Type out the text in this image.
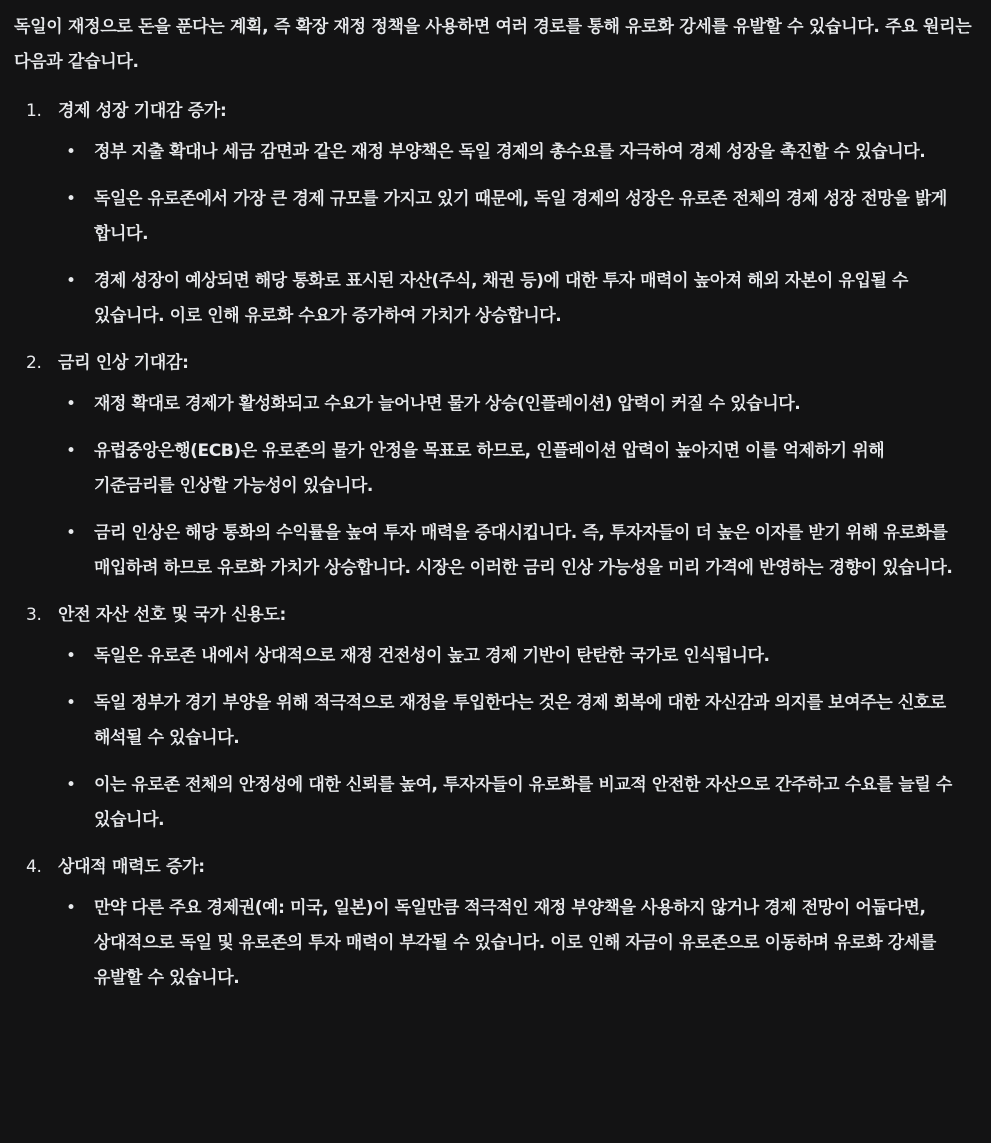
독일이 재정으로 돈을 푼다는 계획, 즉 확장 재정 정책을 사용하면 여러 경로를 통해 유로화 강세를 유발할 수 있습니다. 주요 원리는 다음과 같습니다.

1. 경제 성장 기대감 증가:
• 정부 지출 확대나 세금 감면과 같은 재정 부양책은 독일 경제의 총수요를 자극하여 경제 성장을 촉진할 수 있습니다.
• 독일은 유로존에서 가장 큰 경제 규모를 가지고 있기 때문에, 독일 경제의 성장은 유로존 전체의 경제 성장 전망을 밝게 합니다.
• 경제 성장이 예상되면 해당 통화로 표시된 자산(주식, 채권 등)에 대한 투자 매력이 높아져 해외 자본이 유입될 수 있습니다. 이로 인해 유로화 수요가 증가하여 가치가 상승합니다.
2. 금리 인상 기대감:
• 재정 확대로 경제가 활성화되고 수요가 늘어나면 물가 상승(인플레이션) 압력이 커질 수 있습니다.
• 유럽중앙은행(ECB)은 유로존의 물가 안정을 목표로 하므로, 인플레이션 압력이 높아지면 이를 억제하기 위해 기준금리를 인상할 가능성이 있습니다.
• 금리 인상은 해당 통화의 수익률을 높여 투자 매력을 증대시킵니다. 즉, 투자자들이 더 높은 이자를 받기 위해 유로화를 매입하려 하므로 유로화 가치가 상승합니다. 시장은 이러한 금리 인상 가능성을 미리 가격에 반영하는 경향이 있습니다.
3. 안전 자산 선호 및 국가 신용도:
• 독일은 유로존 내에서 상대적으로 재정 건전성이 높고 경제 기반이 탄탄한 국가로 인식됩니다.
• 독일 정부가 경기 부양을 위해 적극적으로 재정을 투입한다는 것은 경제 회복에 대한 자신감과 의지를 보여주는 신호로 해석될 수 있습니다.
• 이는 유로존 전체의 안정성에 대한 신뢰를 높여, 투자자들이 유로화를 비교적 안전한 자산으로 간주하고 수요를 늘릴 수 있습니다.
4. 상대적 매력도 증가:
• 만약 다른 주요 경제권(예: 미국, 일본)이 독일만큼 적극적인 재정 부양책을 사용하지 않거나 경제 전망이 어둡다면, 상대적으로 독일 및 유로존의 투자 매력이 부각될 수 있습니다. 이로 인해 자금이 유로존으로 이동하며 유로화 강세를 유발할 수 있습니다.
